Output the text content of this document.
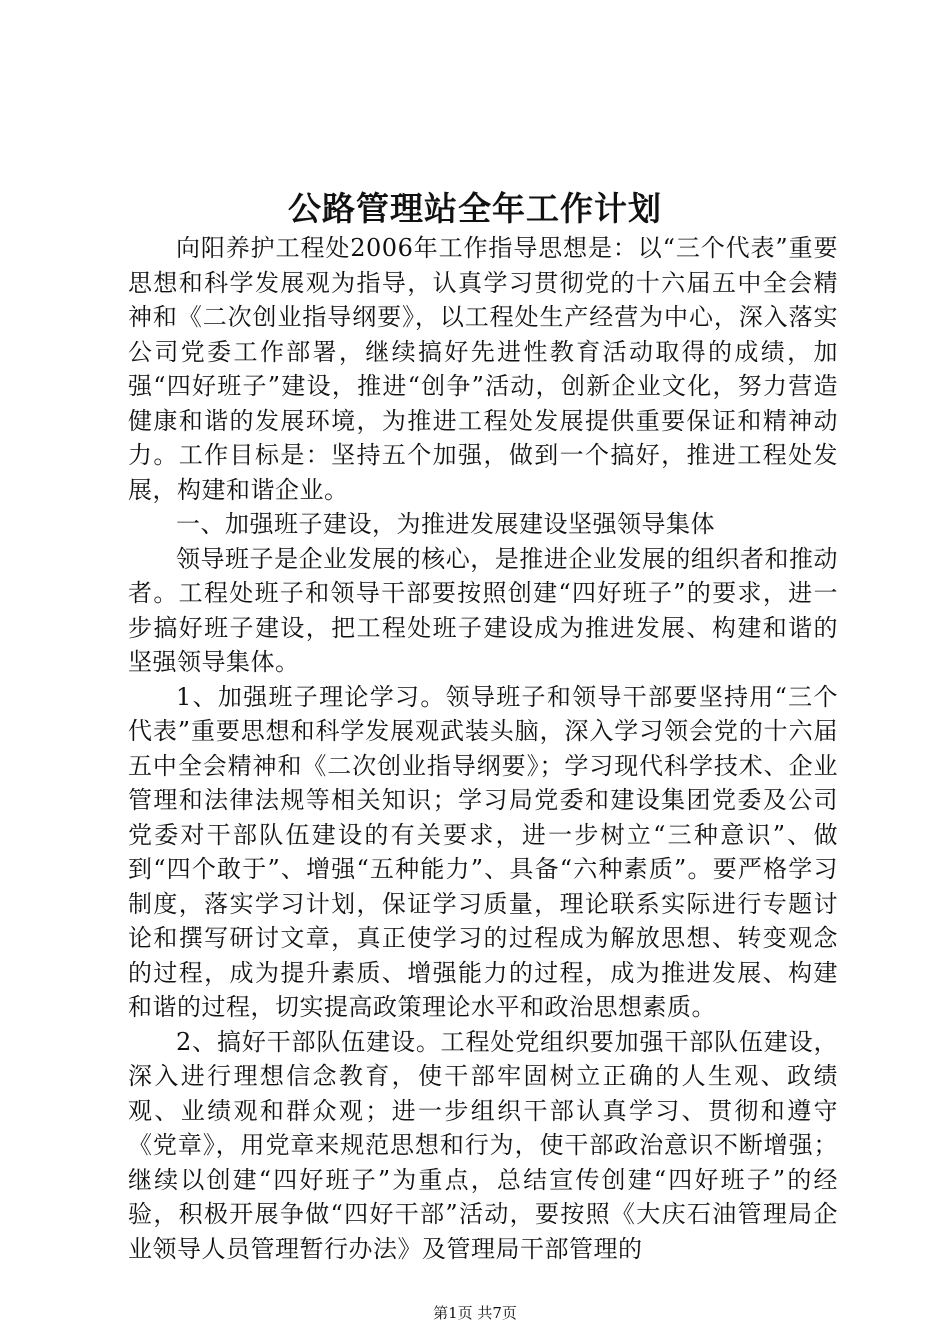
公路管理站全年工作计划

向阳养护工程处2006年工作指导思想是：以“三个代表”重要思想和科学发展观为指导，认真学习贯彻党的十六届五中全会精神和《二次创业指导纲要》，以工程处生产经营为中心，深入落实公司党委工作部署，继续搞好先进性教育活动取得的成绩，加强“四好班子”建设，推进“创争”活动，创新企业文化，努力营造健康和谐的发展环境，为推进工程处发展提供重要保证和精神动力。工作目标是：坚持五个加强，做到一个搞好，推进工程处发展，构建和谐企业。

一、加强班子建设，为推进发展建设坚强领导集体

领导班子是企业发展的核心，是推进企业发展的组织者和推动者。工程处班子和领导干部要按照创建“四好班子”的要求，进一步搞好班子建设，把工程处班子建设成为推进发展、构建和谐的坚强领导集体。

1、加强班子理论学习。领导班子和领导干部要坚持用“三个代表”重要思想和科学发展观武装头脑，深入学习领会党的十六届五中全会精神和《二次创业指导纲要》；学习现代科学技术、企业管理和法律法规等相关知识；学习局党委和建设集团党委及公司党委对干部队伍建设的有关要求，进一步树立“三种意识”、做到“四个敢于”、增强“五种能力”、具备“六种素质”。要严格学习制度，落实学习计划，保证学习质量，理论联系实际进行专题讨论和撰写研讨文章，真正使学习的过程成为解放思想、转变观念的过程，成为提升素质、增强能力的过程，成为推进发展、构建和谐的过程，切实提高政策理论水平和政治思想素质。

2、搞好干部队伍建设。工程处党组织要加强干部队伍建设，深入进行理想信念教育，使干部牢固树立正确的人生观、政绩观、业绩观和群众观；进一步组织干部认真学习、贯彻和遵守《党章》，用党章来规范思想和行为，使干部政治意识不断增强；继续以创建“四好班子”为重点，总结宣传创建“四好班子”的经验，积极开展争做“四好干部”活动，要按照《大庆石油管理局企业领导人员管理暂行办法》及管理局干部管理的

第1页 共7页
